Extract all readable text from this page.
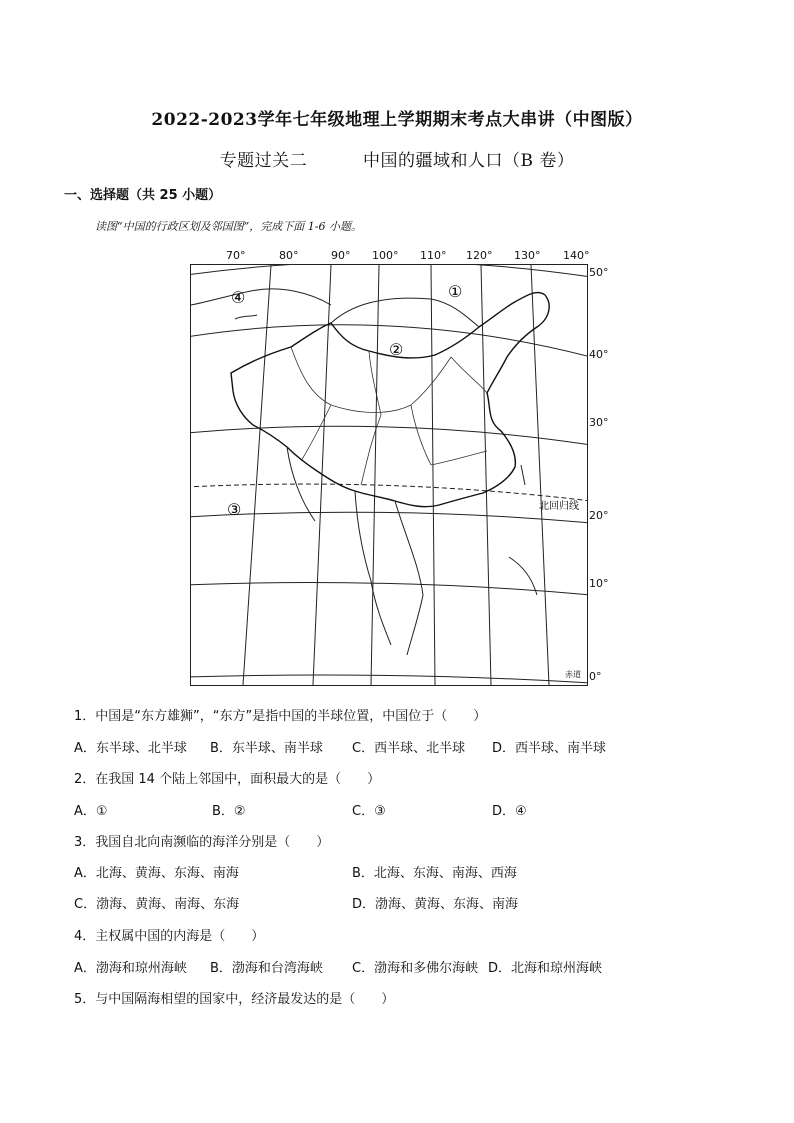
2022-2023学年七年级地理上学期期末考点大串讲（中图版）
专题过关二	中国的疆域和人口（B 卷）
一、选择题（共 25 小题）
读图“中国的行政区划及邻国图”，完成下面 1-6 小题。
70°	80°	90° 100° 110° 120° 130° 140°
50°
40°
30°
20°
10°
0°
①
②
③
④
北回归线
赤道
1．中国是“东方雄狮”，“东方”是指中国的半球位置，中国位于（　　）
A．东半球、北半球 B．东半球、南半球 C．西半球、北半球 D．西半球、南半球
2．在我国 14 个陆上邻国中，面积最大的是（　　）
A．①	B．②	C．③	D．④
3．我国自北向南濒临的海洋分别是（　　）
A．北海、黄海、东海、南海	B．北海、东海、南海、西海
C．渤海、黄海、南海、东海	D．渤海、黄海、东海、南海
4．主权属中国的内海是（　　）
A．渤海和琼州海峡 B．渤海和台湾海峡 C．渤海和多佛尔海峡 D．北海和琼州海峡
5．与中国隔海相望的国家中，经济最发达的是（　　）
